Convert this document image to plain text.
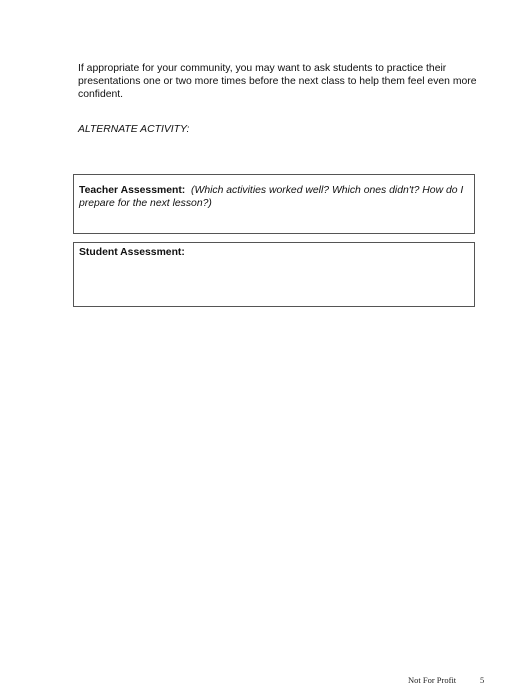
If appropriate for your community, you may want to ask students to practice their presentations one or two more times before the next class to help them feel even more confident.

ALTERNATE ACTIVITY:

Teacher Assessment: (Which activities worked well? Which ones didn't? How do I prepare for the next lesson?)
Student Assessment:
Not For Profit	5
